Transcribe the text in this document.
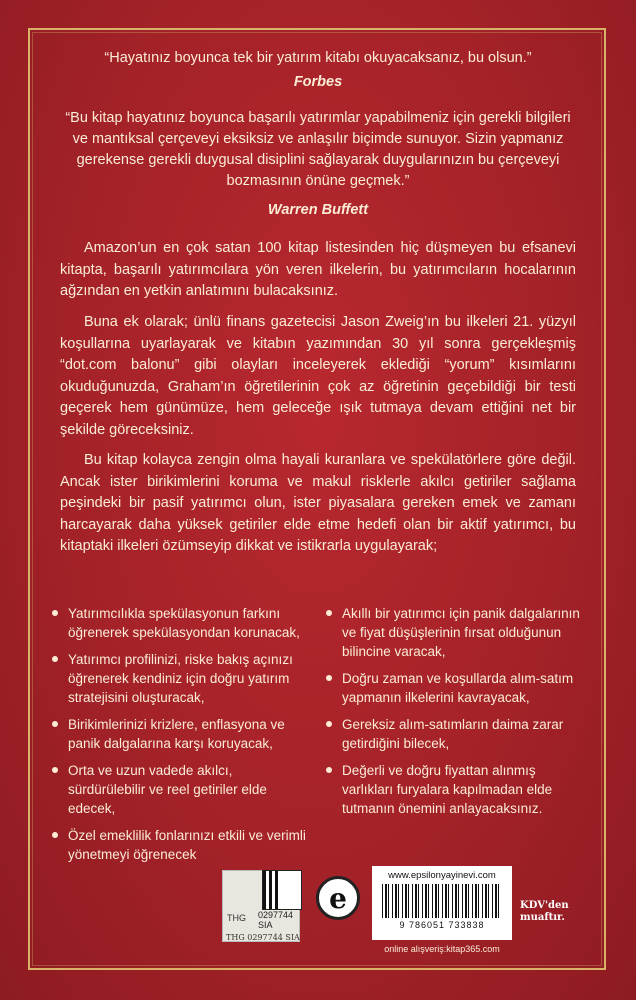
“Hayatınız boyunca tek bir yatırım kitabı okuyacaksanız, bu olsun.”

Forbes

“Bu kitap hayatınız boyunca başarılı yatırımlar yapabilmeniz için gerekli bilgileri ve mantıksal çerçeveyi eksiksiz ve anlaşılır biçimde sunuyor. Sizin yapmanız gerekense gerekli duygusal disiplini sağlayarak duygularınızın bu çerçeveyi bozmasının önüne geçmek.”

Warren Buffett

Amazon’un en çok satan 100 kitap listesinden hiç düşmeyen bu efsanevi kitapta, başarılı yatırımcılara yön veren ilkelerin, bu yatırımcıların hocalarının ağzından en yetkin anlatımını bulacaksınız.

Buna ek olarak; ünlü finans gazetecisi Jason Zweig’ın bu ilkeleri 21. yüzyıl koşullarına uyarlayarak ve kitabın yazımından 30 yıl sonra gerçekleşmiş “dot.com balonu” gibi olayları inceleyerek eklediği “yorum” kısımlarını okuduğunuzda, Graham’ın öğretilerinin çok az öğretinin geçebildiği bir testi geçerek hem günümüze, hem geleceğe ışık tutmaya devam ettiğini net bir şekilde göreceksiniz.

Bu kitap kolayca zengin olma hayali kuranlara ve spekülatörlere göre değil. Ancak ister birikimlerini koruma ve makul risklerle akılcı getiriler sağlama peşindeki bir pasif yatırımcı olun, ister piyasalara gereken emek ve zamanı harcayarak daha yüksek getiriler elde etme hedefi olan bir aktif yatırımcı, bu kitaptaki ilkeleri özümseyip dikkat ve istikrarla uygulayarak;

Yatırımcılıkla spekülasyonun farkını öğrenerek spekülasyondan korunacak,
Yatırımcı profilinizi, riske bakış açınızı öğrenerek kendiniz için doğru yatırım stratejisini oluşturacak,
Birikimlerinizi krizlere, enflasyona ve panik dalgalarına karşı koruyacak,
Orta ve uzun vadede akılcı, sürdürülebilir ve reel getiriler elde edecek,
Özel emeklilik fonlarınızı etkili ve verimli yönetmeyi öğrenecek
Akıllı bir yatırımcı için panik dalgalarının ve fiyat düşüşlerinin fırsat olduğunun bilincine varacak,
Doğru zaman ve koşullarda alım-satım yapmanın ilkelerini kavrayacak,
Gereksiz alım-satımların daima zarar getirdiğini bilecek,
Değerli ve doğru fiyattan alınmış varlıkları furyalara kapılmadan elde tutmanın önemini anlayacaksınız.
THG	0297744
SIA
THG 0297744 SIA
e
www.epsilonyayinevi.com
9 786051 733838
online alışveriş:kitap365.com
KDV'den muaftır.
